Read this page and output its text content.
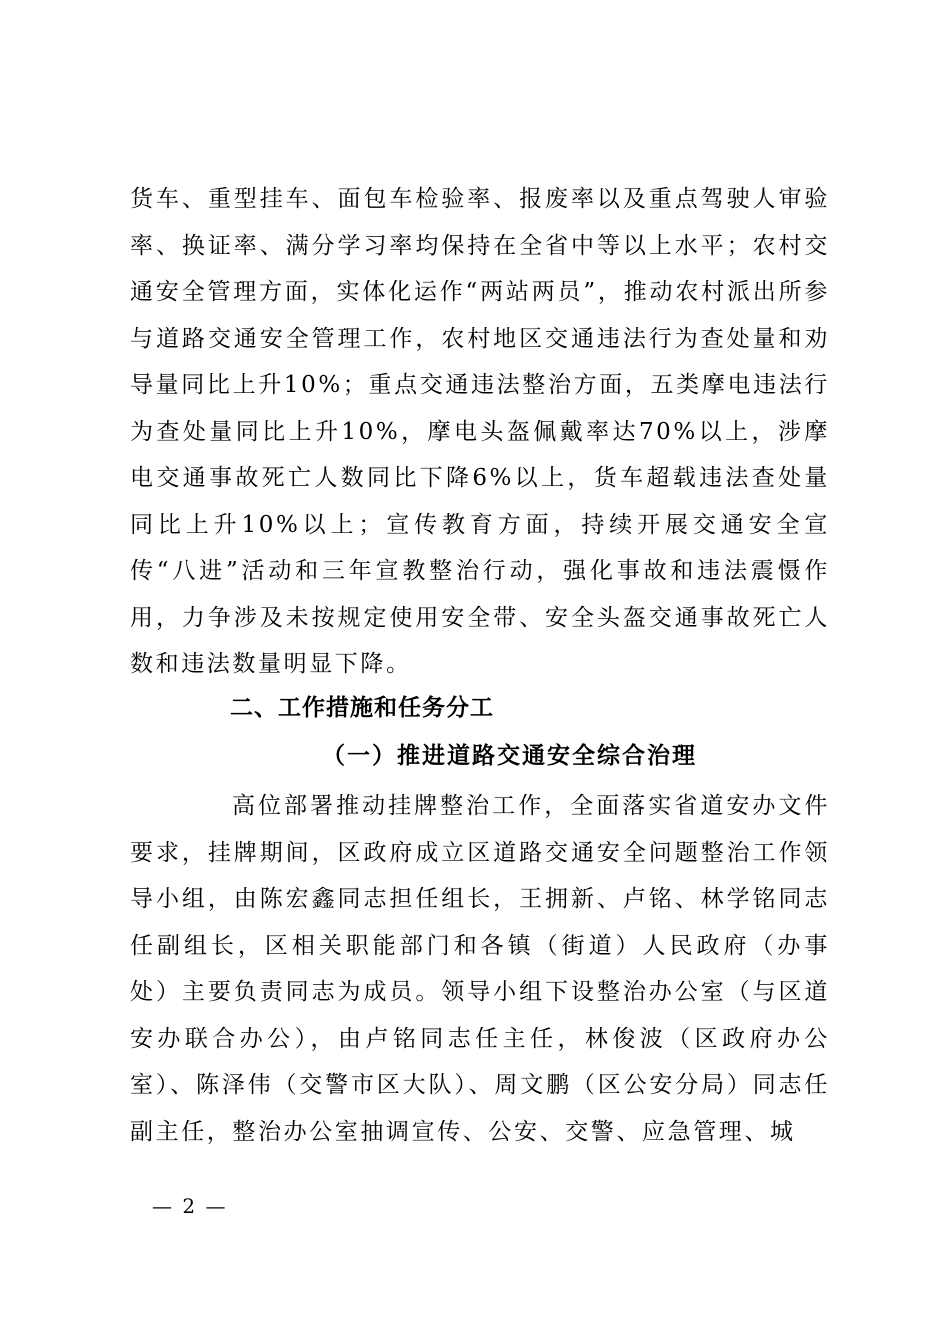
货车、重型挂车、面包车检验率、报废率以及重点驾驶人审验率、换证率、满分学习率均保持在全省中等以上水平；农村交通安全管理方面，实体化运作“两站两员”，推动农村派出所参与道路交通安全管理工作，农村地区交通违法行为查处量和劝导量同比上升10%；重点交通违法整治方面，五类摩电违法行为查处量同比上升10%，摩电头盔佩戴率达70%以上，涉摩电交通事故死亡人数同比下降6%以上，货车超载违法查处量同比上升10%以上；宣传教育方面，持续开展交通安全宣传“八进”活动和三年宣教整治行动，强化事故和违法震慑作用，力争涉及未按规定使用安全带、安全头盔交通事故死亡人数和违法数量明显下降。

二、工作措施和任务分工
（一）推进道路交通安全综合治理

高位部署推动挂牌整治工作，全面落实省道安办文件要求，挂牌期间，区政府成立区道路交通安全问题整治工作领导小组，由陈宏鑫同志担任组长，王拥新、卢铭、林学铭同志任副组长，区相关职能部门和各镇（街道）人民政府（办事处）主要负责同志为成员。领导小组下设整治办公室（与区道安办联合办公），由卢铭同志任主任，林俊波（区政府办公室）、陈泽伟（交警市区大队）、周文鹏（区公安分局）同志任副主任，整治办公室抽调宣传、公安、交警、应急管理、城

— 2 —
